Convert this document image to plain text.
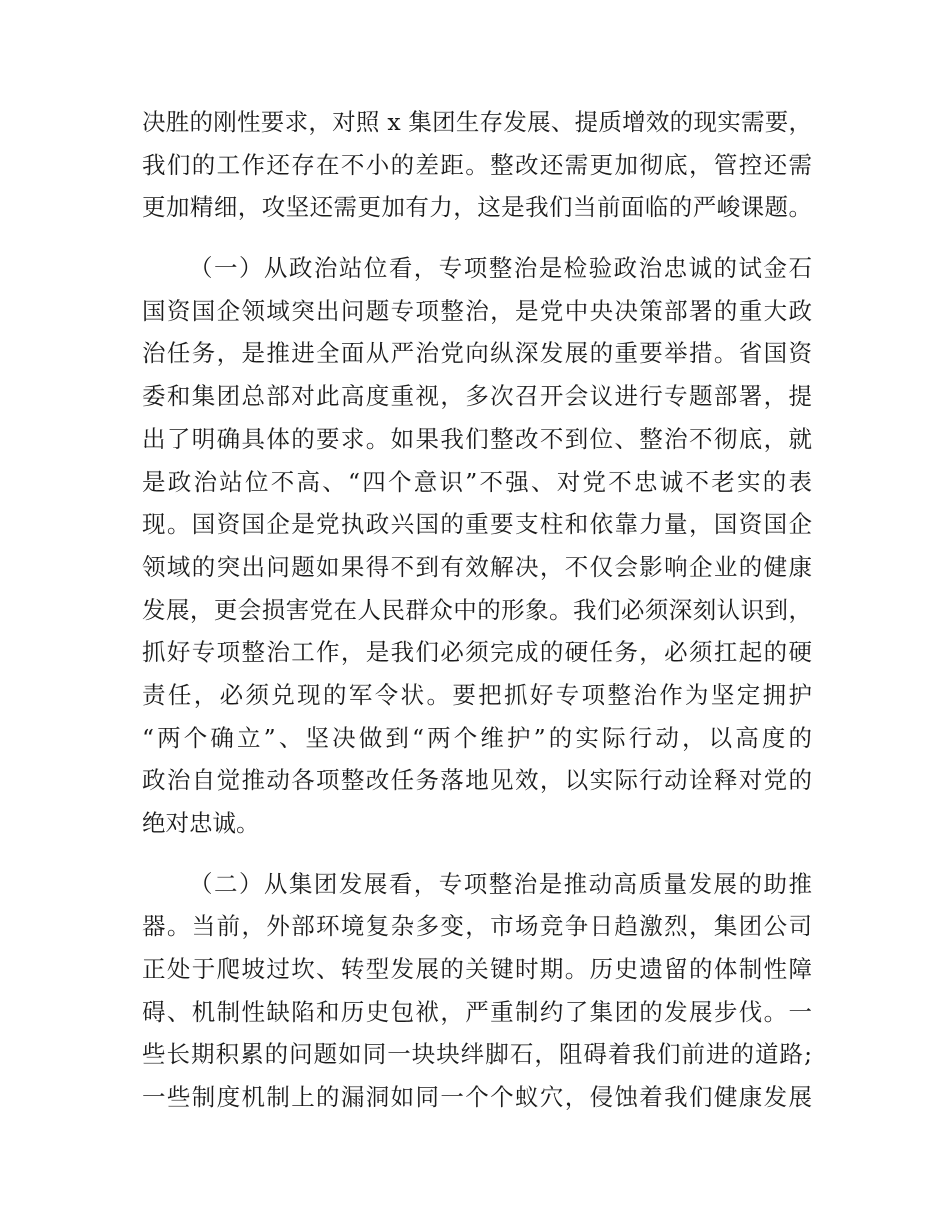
决胜的刚性要求，对照 x 集团生存发展、提质增效的现实需要，
我们的工作还存在不小的差距。整改还需更加彻底，管控还需
更加精细，攻坚还需更加有力，这是我们当前面临的严峻课题。
（一）从政治站位看，专项整治是检验政治忠诚的试金石
国资国企领域突出问题专项整治，是党中央决策部署的重大政
治任务，是推进全面从严治党向纵深发展的重要举措。省国资
委和集团总部对此高度重视，多次召开会议进行专题部署，提
出了明确具体的要求。如果我们整改不到位、整治不彻底，就
是政治站位不高、“四个意识”不强、对党不忠诚不老实的表
现。国资国企是党执政兴国的重要支柱和依靠力量，国资国企
领域的突出问题如果得不到有效解决，不仅会影响企业的健康
发展，更会损害党在人民群众中的形象。我们必须深刻认识到，
抓好专项整治工作，是我们必须完成的硬任务，必须扛起的硬
责任，必须兑现的军令状。要把抓好专项整治作为坚定拥护
“两个确立”、坚决做到“两个维护”的实际行动，以高度的
政治自觉推动各项整改任务落地见效，以实际行动诠释对党的
绝对忠诚。
（二）从集团发展看，专项整治是推动高质量发展的助推
器。当前，外部环境复杂多变，市场竞争日趋激烈，集团公司
正处于爬坡过坎、转型发展的关键时期。历史遗留的体制性障
碍、机制性缺陷和历史包袱，严重制约了集团的发展步伐。一
些长期积累的问题如同一块块绊脚石，阻碍着我们前进的道路;
一些制度机制上的漏洞如同一个个蚁穴，侵蚀着我们健康发展
